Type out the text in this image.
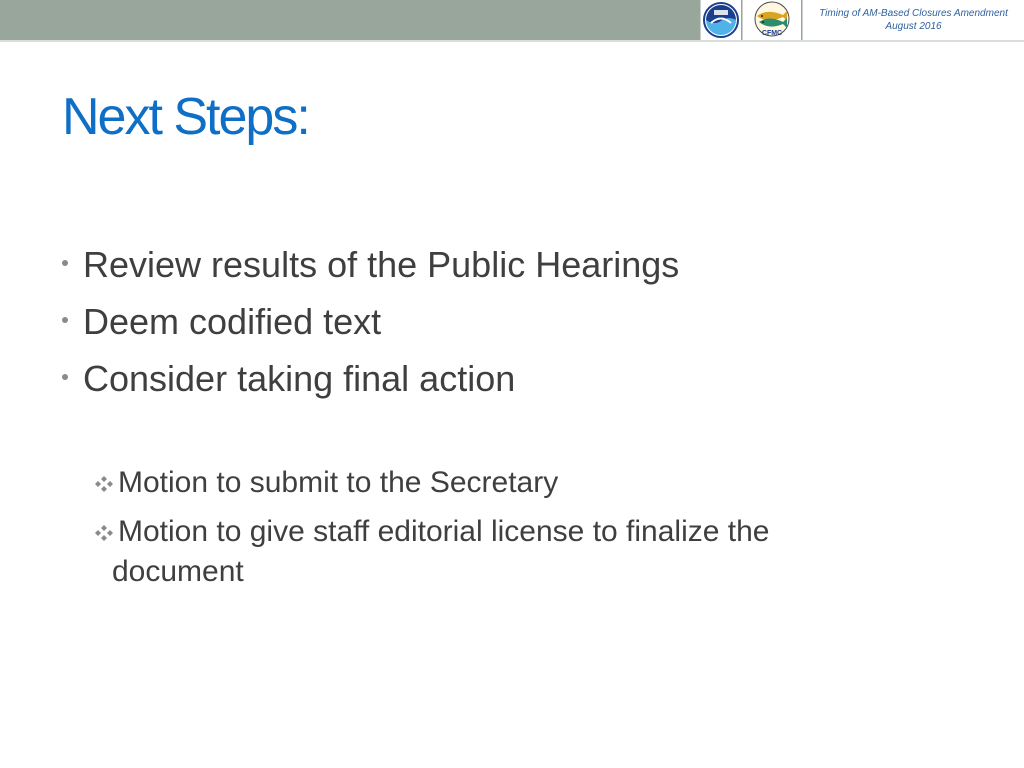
CFMC
Timing of AM-Based Closures Amendment
August 2016
Next Steps:
Review results of the Public Hearings
Deem codified text
Consider taking final action
Motion to submit to the Secretary
Motion to give staff editorial license to finalize the
document
